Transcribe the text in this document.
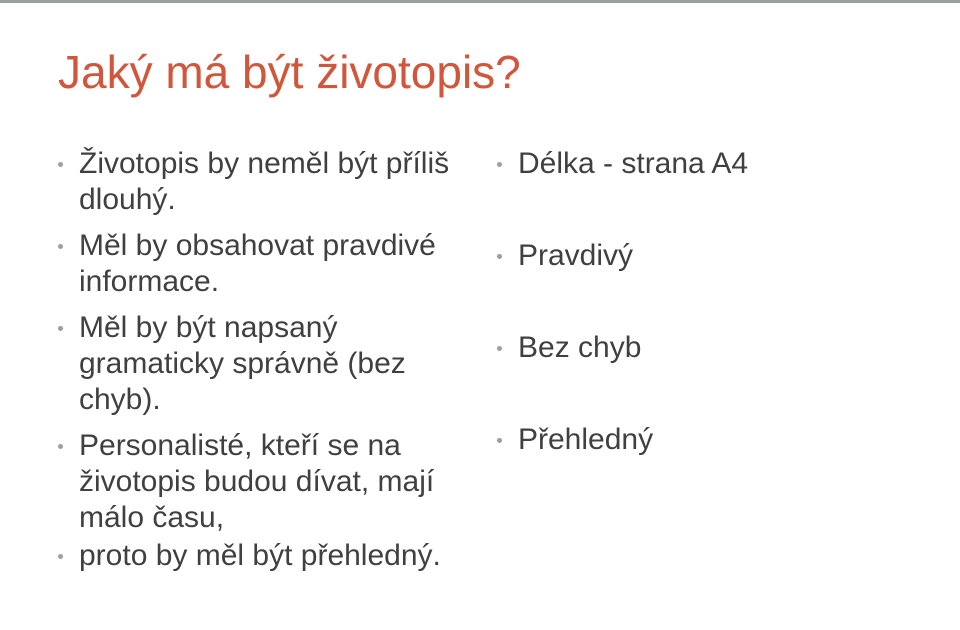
Jaký má být životopis?
Životopis by neměl být příliš dlouhý.
Měl by obsahovat pravdivé informace.
Měl by být napsaný gramaticky správně (bez chyb).
Personalisté, kteří se na životopis budou dívat, mají málo času,
proto by měl být přehledný.
Délka - strana A4
Pravdivý
Bez chyb
Přehledný
